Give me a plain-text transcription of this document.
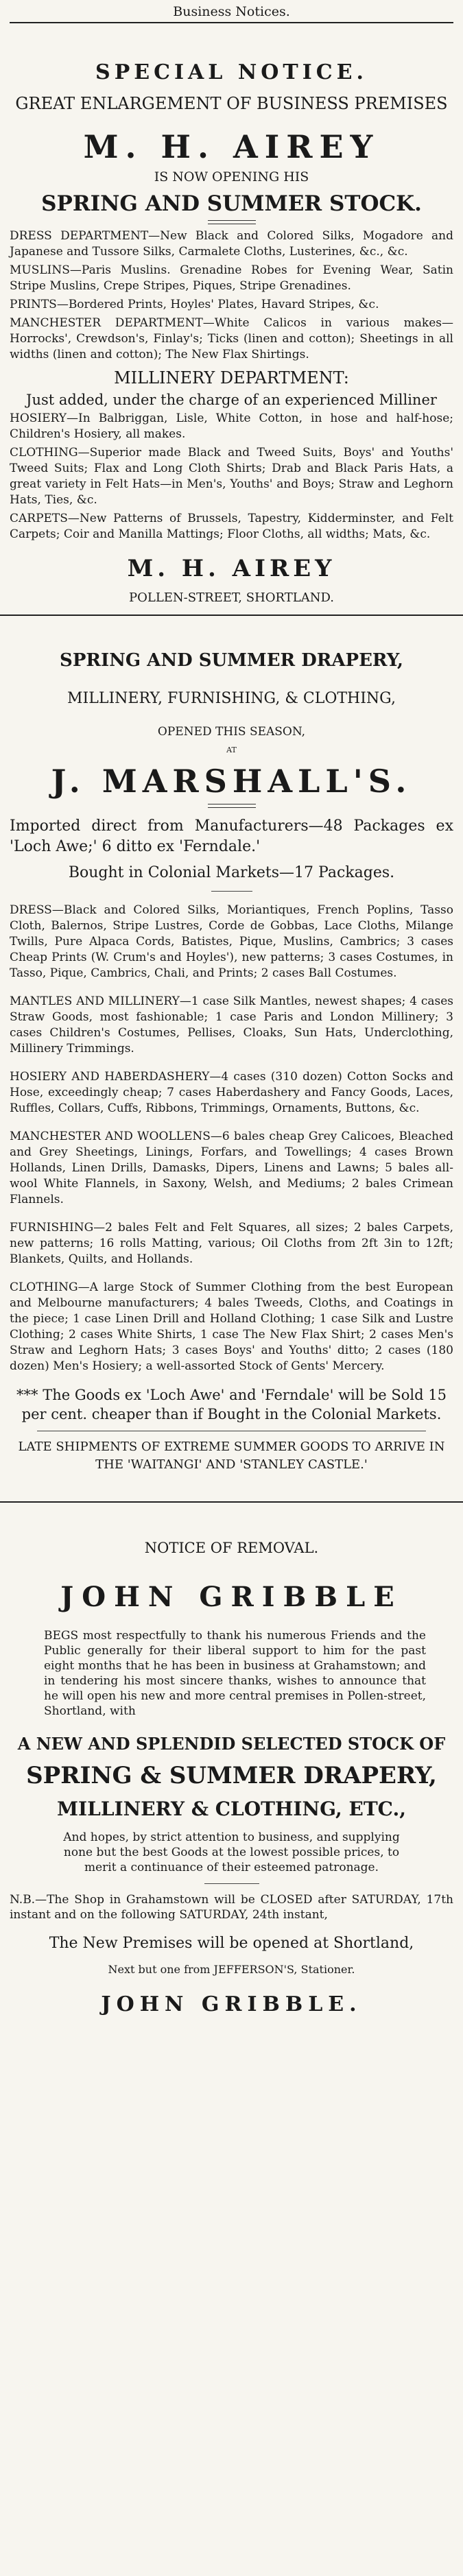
Business Notices.
SPECIAL NOTICE.
GREAT ENLARGEMENT OF BUSINESS PREMISES
M. H. AIREY
IS NOW OPENING HIS
SPRING AND SUMMER STOCK.

DRESS DEPARTMENT—New Black and Colored Silks, Mogadore and Japanese and Tussore Silks, Carmalete Cloths, Lusterines, &c., &c.

MUSLINS—Paris Muslins. Grenadine Robes for Evening Wear, Satin Stripe Muslins, Crepe Stripes, Piques, Stripe Grenadines.

PRINTS—Bordered Prints, Hoyles' Plates, Havard Stripes, &c.

MANCHESTER DEPARTMENT—White Calicos in various makes—Horrocks', Crewdson's, Finlay's; Ticks (linen and cotton); Sheetings in all widths (linen and cotton); The New Flax Shirtings.

MILLINERY DEPARTMENT:
Just added, under the charge of an experienced Milliner

HOSIERY—In Balbriggan, Lisle, White Cotton, in hose and half-hose; Children's Hosiery, all makes.

CLOTHING—Superior made Black and Tweed Suits, Boys' and Youths' Tweed Suits; Flax and Long Cloth Shirts; Drab and Black Paris Hats, a great variety in Felt Hats—in Men's, Youths' and Boys; Straw and Leghorn Hats, Ties, &c.

CARPETS—New Patterns of Brussels, Tapestry, Kidderminster, and Felt Carpets; Coir and Manilla Mattings; Floor Cloths, all widths; Mats, &c.

M. H. AIREY
POLLEN-STREET, SHORTLAND.
SPRING AND SUMMER DRAPERY,
MILLINERY, FURNISHING, & CLOTHING,
OPENED THIS SEASON,
AT
J. MARSHALL'S.

Imported direct from Manufacturers—48 Packages ex 'Loch Awe;' 6 ditto ex 'Ferndale.'

Bought in Colonial Markets—17 Packages.

DRESS—Black and Colored Silks, Moriantiques, French Poplins, Tasso Cloth, Balernos, Stripe Lustres, Corde de Gobbas, Lace Cloths, Milange Twills, Pure Alpaca Cords, Batistes, Pique, Muslins, Cambrics; 3 cases Cheap Prints (W. Crum's and Hoyles'), new patterns; 3 cases Costumes, in Tasso, Pique, Cambrics, Chali, and Prints; 2 cases Ball Costumes.

MANTLES AND MILLINERY—1 case Silk Mantles, newest shapes; 4 cases Straw Goods, most fashionable; 1 case Paris and London Millinery; 3 cases Children's Costumes, Pellises, Cloaks, Sun Hats, Underclothing, Millinery Trimmings.

HOSIERY AND HABERDASHERY—4 cases (310 dozen) Cotton Socks and Hose, exceedingly cheap; 7 cases Haberdashery and Fancy Goods, Laces, Ruffles, Collars, Cuffs, Ribbons, Trimmings, Ornaments, Buttons, &c.

MANCHESTER AND WOOLLENS—6 bales cheap Grey Calicoes, Bleached and Grey Sheetings, Linings, Forfars, and Towellings; 4 cases Brown Hollands, Linen Drills, Damasks, Dipers, Linens and Lawns; 5 bales all-wool White Flannels, in Saxony, Welsh, and Mediums; 2 bales Crimean Flannels.

FURNISHING—2 bales Felt and Felt Squares, all sizes; 2 bales Carpets, new patterns; 16 rolls Matting, various; Oil Cloths from 2ft 3in to 12ft; Blankets, Quilts, and Hollands.

CLOTHING—A large Stock of Summer Clothing from the best European and Melbourne manufacturers; 4 bales Tweeds, Cloths, and Coatings in the piece; 1 case Linen Drill and Holland Clothing; 1 case Silk and Lustre Clothing; 2 cases White Shirts, 1 case The New Flax Shirt; 2 cases Men's Straw and Leghorn Hats; 3 cases Boys' and Youths' ditto; 2 cases (180 dozen) Men's Hosiery; a well-assorted Stock of Gents' Mercery.

*** The Goods ex 'Loch Awe' and 'Ferndale' will be Sold 15 per cent. cheaper than if Bought in the Colonial Markets.

LATE SHIPMENTS OF EXTREME SUMMER GOODS TO ARRIVE IN THE 'WAITANGI' AND 'STANLEY CASTLE.'

NOTICE OF REMOVAL.
JOHN GRIBBLE

BEGS most respectfully to thank his numerous Friends and the Public generally for their liberal support to him for the past eight months that he has been in business at Grahamstown; and in tendering his most sincere thanks, wishes to announce that he will open his new and more central premises in Pollen-street, Shortland, with

A NEW AND SPLENDID SELECTED STOCK OF
SPRING & SUMMER DRAPERY,
MILLINERY & CLOTHING, ETC.,

And hopes, by strict attention to business, and supplying none but the best Goods at the lowest possible prices, to merit a continuance of their esteemed patronage.

N.B.—The Shop in Grahamstown will be CLOSED after SATURDAY, 17th instant and on the following SATURDAY, 24th instant,

The New Premises will be opened at Shortland,
Next but one from JEFFERSON'S, Stationer.
JOHN GRIBBLE.
